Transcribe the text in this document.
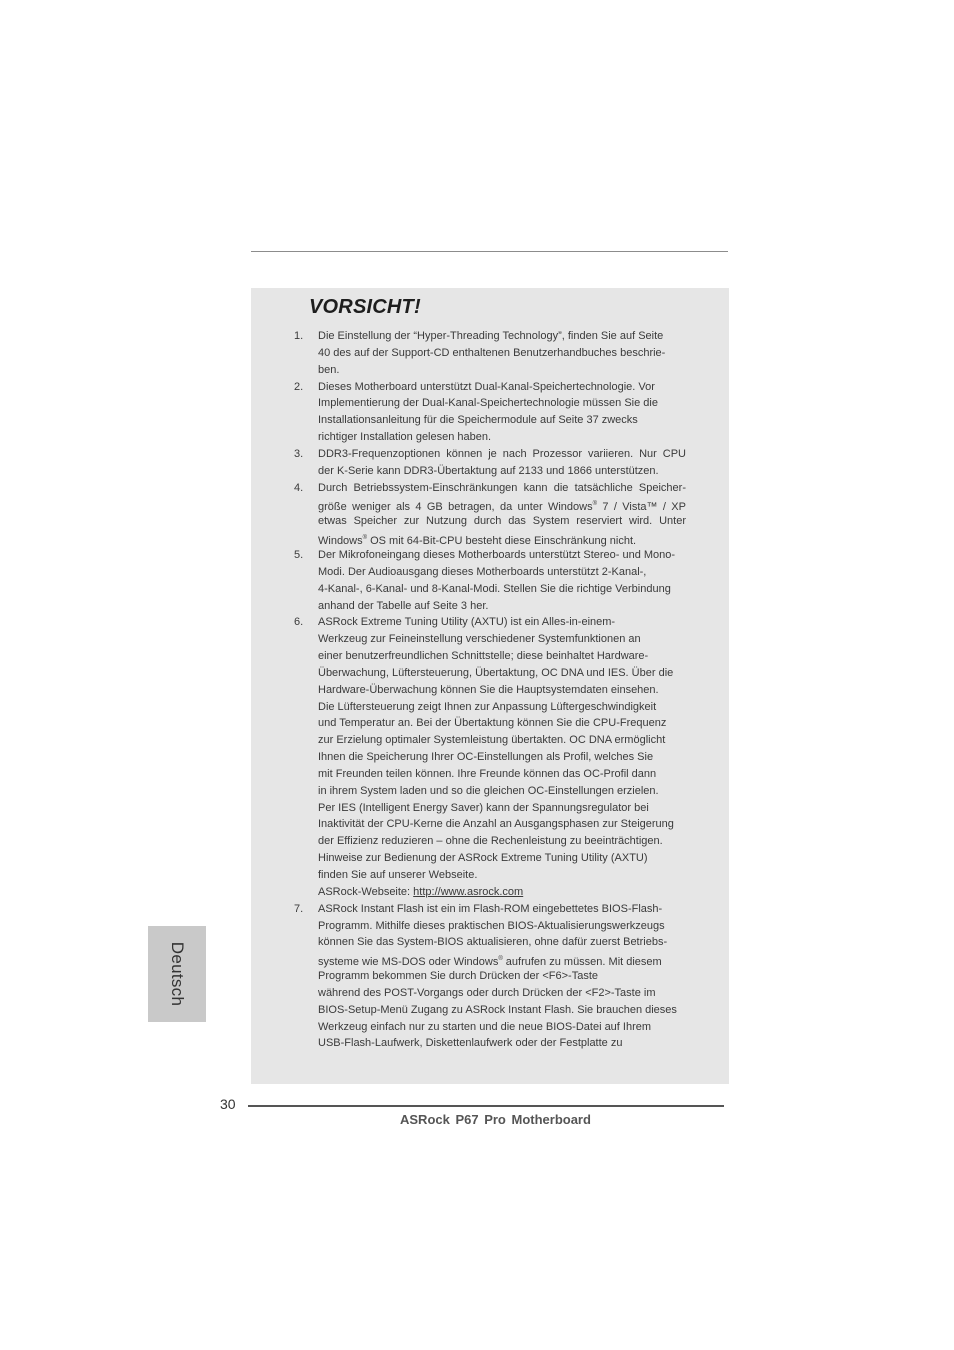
VORSICHT!
1. Die Einstellung der “Hyper-Threading Technology”, finden Sie auf Seite
40 des auf der Support-CD enthaltenen Benutzerhandbuches beschrie-
ben.
2. Dieses Motherboard unterstützt Dual-Kanal-Speichertechnologie. Vor
Implementierung der Dual-Kanal-Speichertechnologie müssen Sie die
Installationsanleitung für die Speichermodule auf Seite 37 zwecks
richtiger Installation gelesen haben.
3. DDR3-Frequenzoptionen können je nach Prozessor variieren. Nur CPU
der K-Serie kann DDR3-Übertaktung auf 2133 und 1866 unterstützen.
4. Durch Betriebssystem-Einschränkungen kann die tatsächliche Speicher-
größe weniger als 4 GB betragen, da unter Windows® 7 / Vista™ / XP
etwas Speicher zur Nutzung durch das System reserviert wird. Unter
Windows® OS mit 64-Bit-CPU besteht diese Einschränkung nicht.
5. Der Mikrofoneingang dieses Motherboards unterstützt Stereo- und Mono-
Modi. Der Audioausgang dieses Motherboards unterstützt 2-Kanal-,
4-Kanal-, 6-Kanal- und 8-Kanal-Modi. Stellen Sie die richtige Verbindung
anhand der Tabelle auf Seite 3 her.
6. ASRock Extreme Tuning Utility (AXTU) ist ein Alles-in-einem-
Werkzeug zur Feineinstellung verschiedener Systemfunktionen an
einer benutzerfreundlichen Schnittstelle; diese beinhaltet Hardware-
Überwachung, Lüftersteuerung, Übertaktung, OC DNA und IES. Über die
Hardware-Überwachung können Sie die Hauptsystemdaten einsehen.
Die Lüftersteuerung zeigt Ihnen zur Anpassung Lüftergeschwindigkeit
und Temperatur an. Bei der Übertaktung können Sie die CPU-Frequenz
zur Erzielung optimaler Systemleistung übertakten. OC DNA ermöglicht
Ihnen die Speicherung Ihrer OC-Einstellungen als Profil, welches Sie
mit Freunden teilen können. Ihre Freunde können das OC-Profil dann
in ihrem System laden und so die gleichen OC-Einstellungen erzielen.
Per IES (Intelligent Energy Saver) kann der Spannungsregulator bei
Inaktivität der CPU-Kerne die Anzahl an Ausgangsphasen zur Steigerung
der Effizienz reduzieren – ohne die Rechenleistung zu beeinträchtigen.
Hinweise zur Bedienung der ASRock Extreme Tuning Utility (AXTU)
finden Sie auf unserer Webseite.
ASRock-Webseite: http://www.asrock.com
7. ASRock Instant Flash ist ein im Flash-ROM eingebettetes BIOS-Flash-
Programm. Mithilfe dieses praktischen BIOS-Aktualisierungswerkzeugs
können Sie das System-BIOS aktualisieren, ohne dafür zuerst Betriebs-
systeme wie MS-DOS oder Windows® aufrufen zu müssen. Mit diesem
Programm bekommen Sie durch Drücken der <F6>-Taste
während des POST-Vorgangs oder durch Drücken der <F2>-Taste im
BIOS-Setup-Menü Zugang zu ASRock Instant Flash. Sie brauchen dieses
Werkzeug einfach nur zu starten und die neue BIOS-Datei auf Ihrem
USB-Flash-Laufwerk, Diskettenlaufwerk oder der Festplatte zu
Deutsch
30
ASRock P67 Pro Motherboard
